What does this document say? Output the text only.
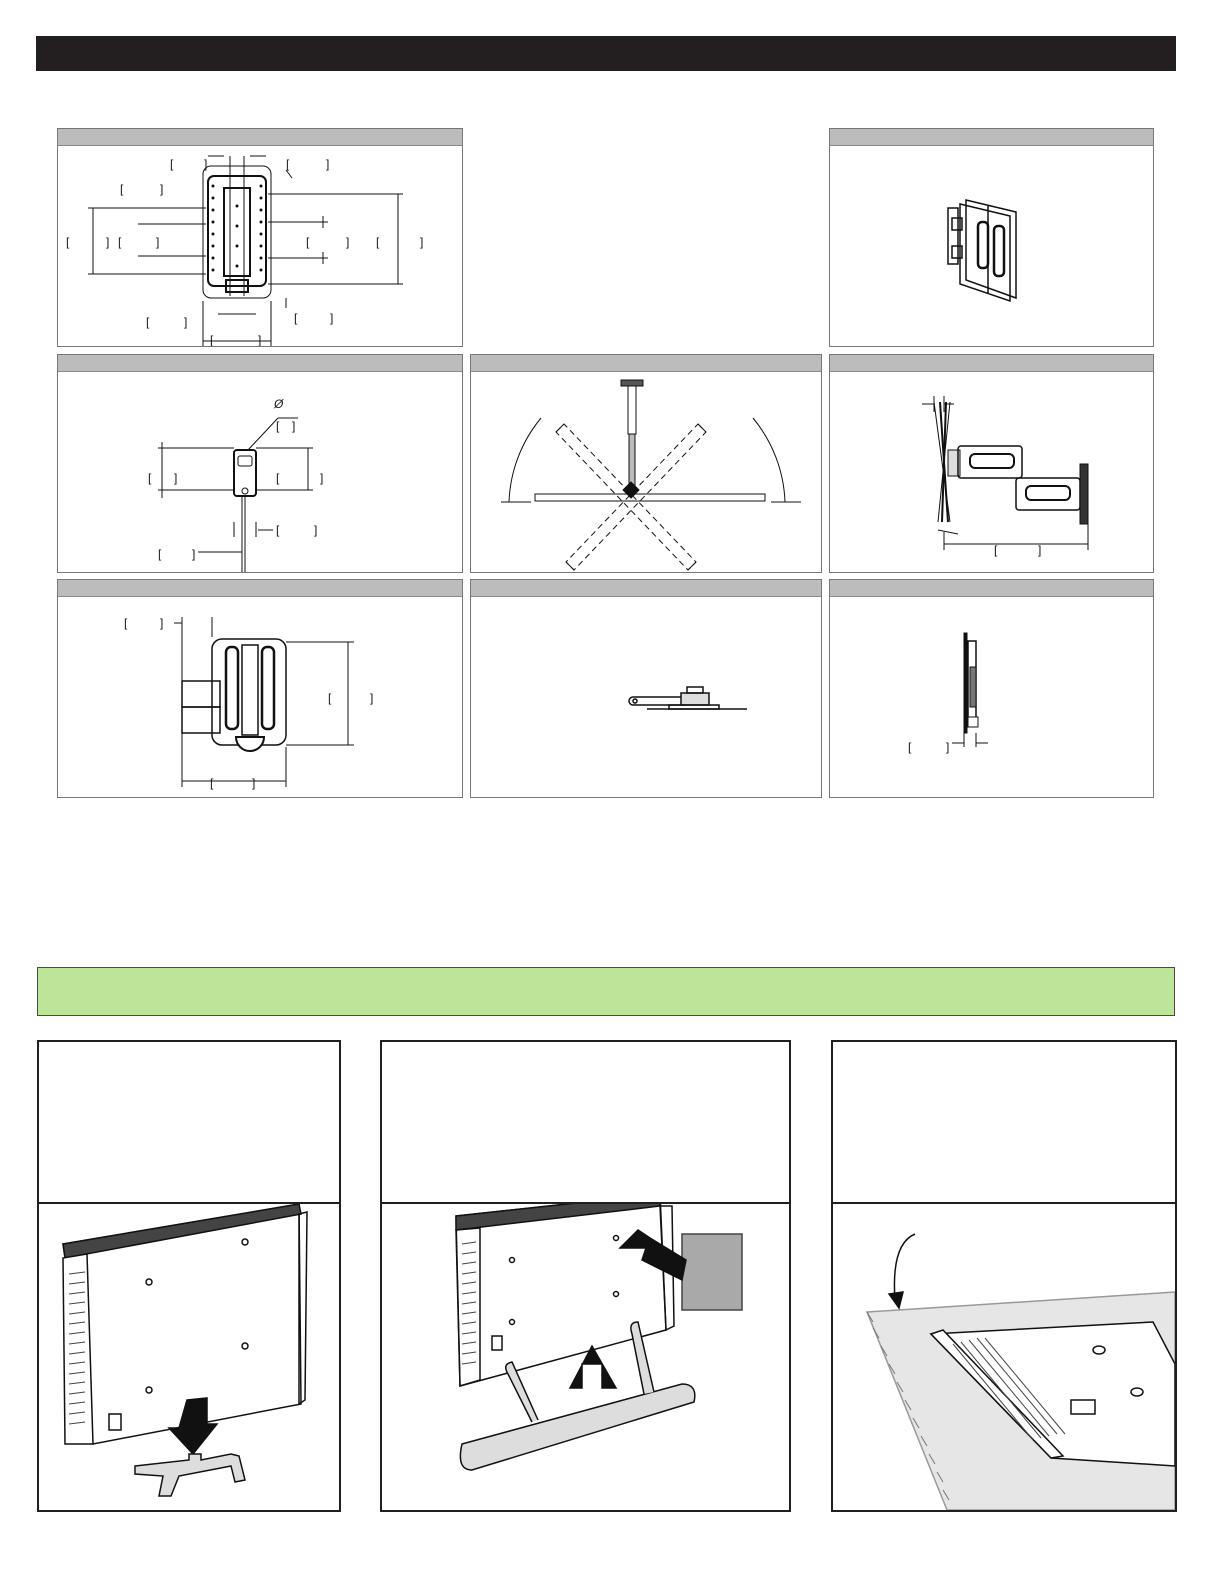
[	]
[	]
[	]
[	] [	]	[	] [	]
[	]	[	]
[	]
Ø
[ ]
[ ]	[	]
[	]
[	]	[	]
[	]
[	]
[	]
[	]
